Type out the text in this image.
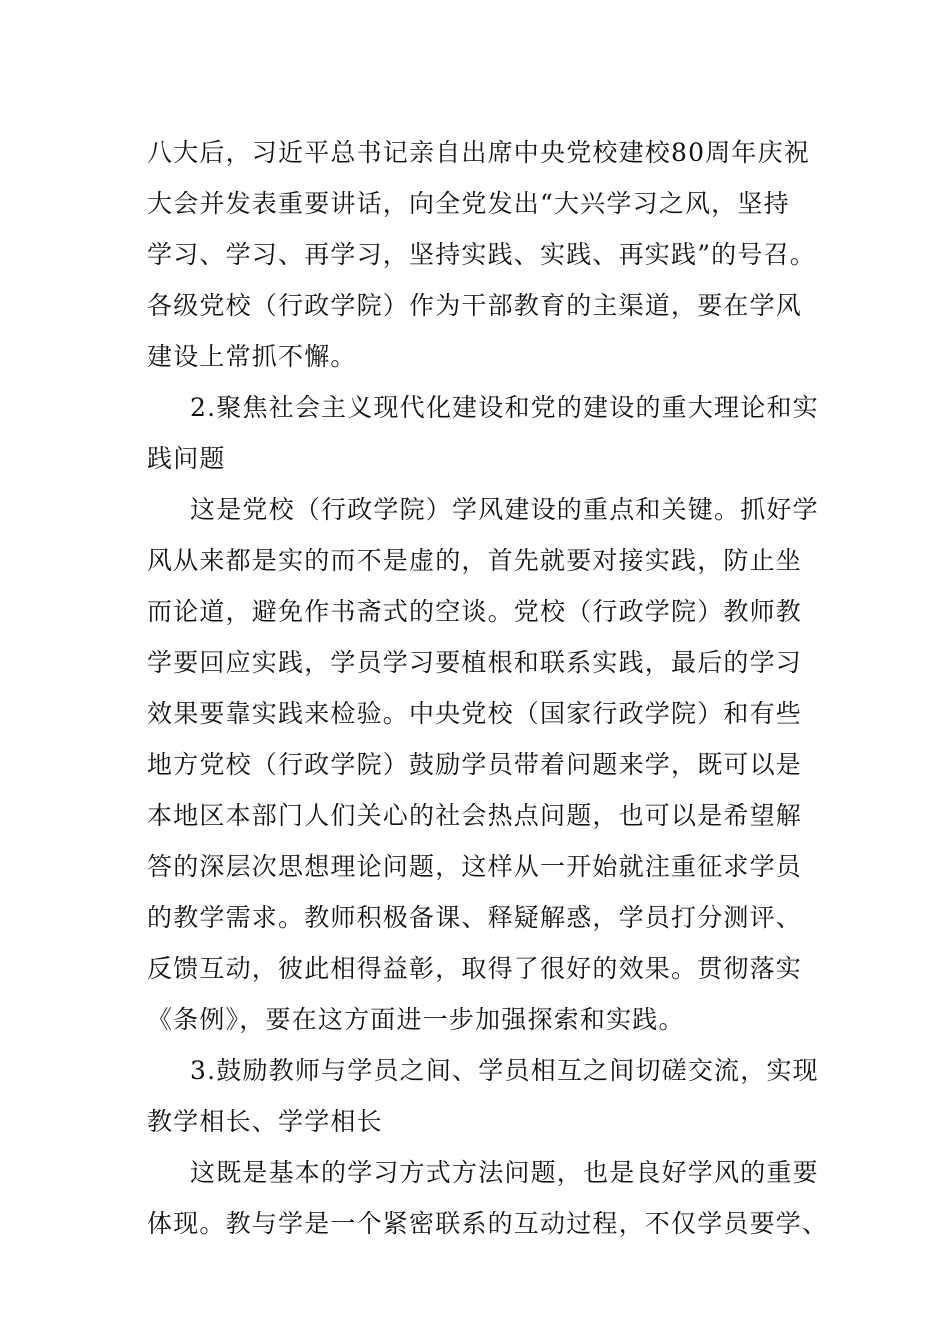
八大后，习近平总书记亲自出席中央党校建校80周年庆祝
大会并发表重要讲话，向全党发出“大兴学习之风，坚持
学习、学习、再学习，坚持实践、实践、再实践”的号召。
各级党校（行政学院）作为干部教育的主渠道，要在学风
建设上常抓不懈。
2.聚焦社会主义现代化建设和党的建设的重大理论和实
践问题
这是党校（行政学院）学风建设的重点和关键。抓好学
风从来都是实的而不是虚的，首先就要对接实践，防止坐
而论道，避免作书斋式的空谈。党校（行政学院）教师教
学要回应实践，学员学习要植根和联系实践，最后的学习
效果要靠实践来检验。中央党校（国家行政学院）和有些
地方党校（行政学院）鼓励学员带着问题来学，既可以是
本地区本部门人们关心的社会热点问题，也可以是希望解
答的深层次思想理论问题，这样从一开始就注重征求学员
的教学需求。教师积极备课、释疑解惑，学员打分测评、
反馈互动，彼此相得益彰，取得了很好的效果。贯彻落实
《条例》，要在这方面进一步加强探索和实践。
3.鼓励教师与学员之间、学员相互之间切磋交流，实现
教学相长、学学相长
这既是基本的学习方式方法问题，也是良好学风的重要
体现。教与学是一个紧密联系的互动过程，不仅学员要学、
